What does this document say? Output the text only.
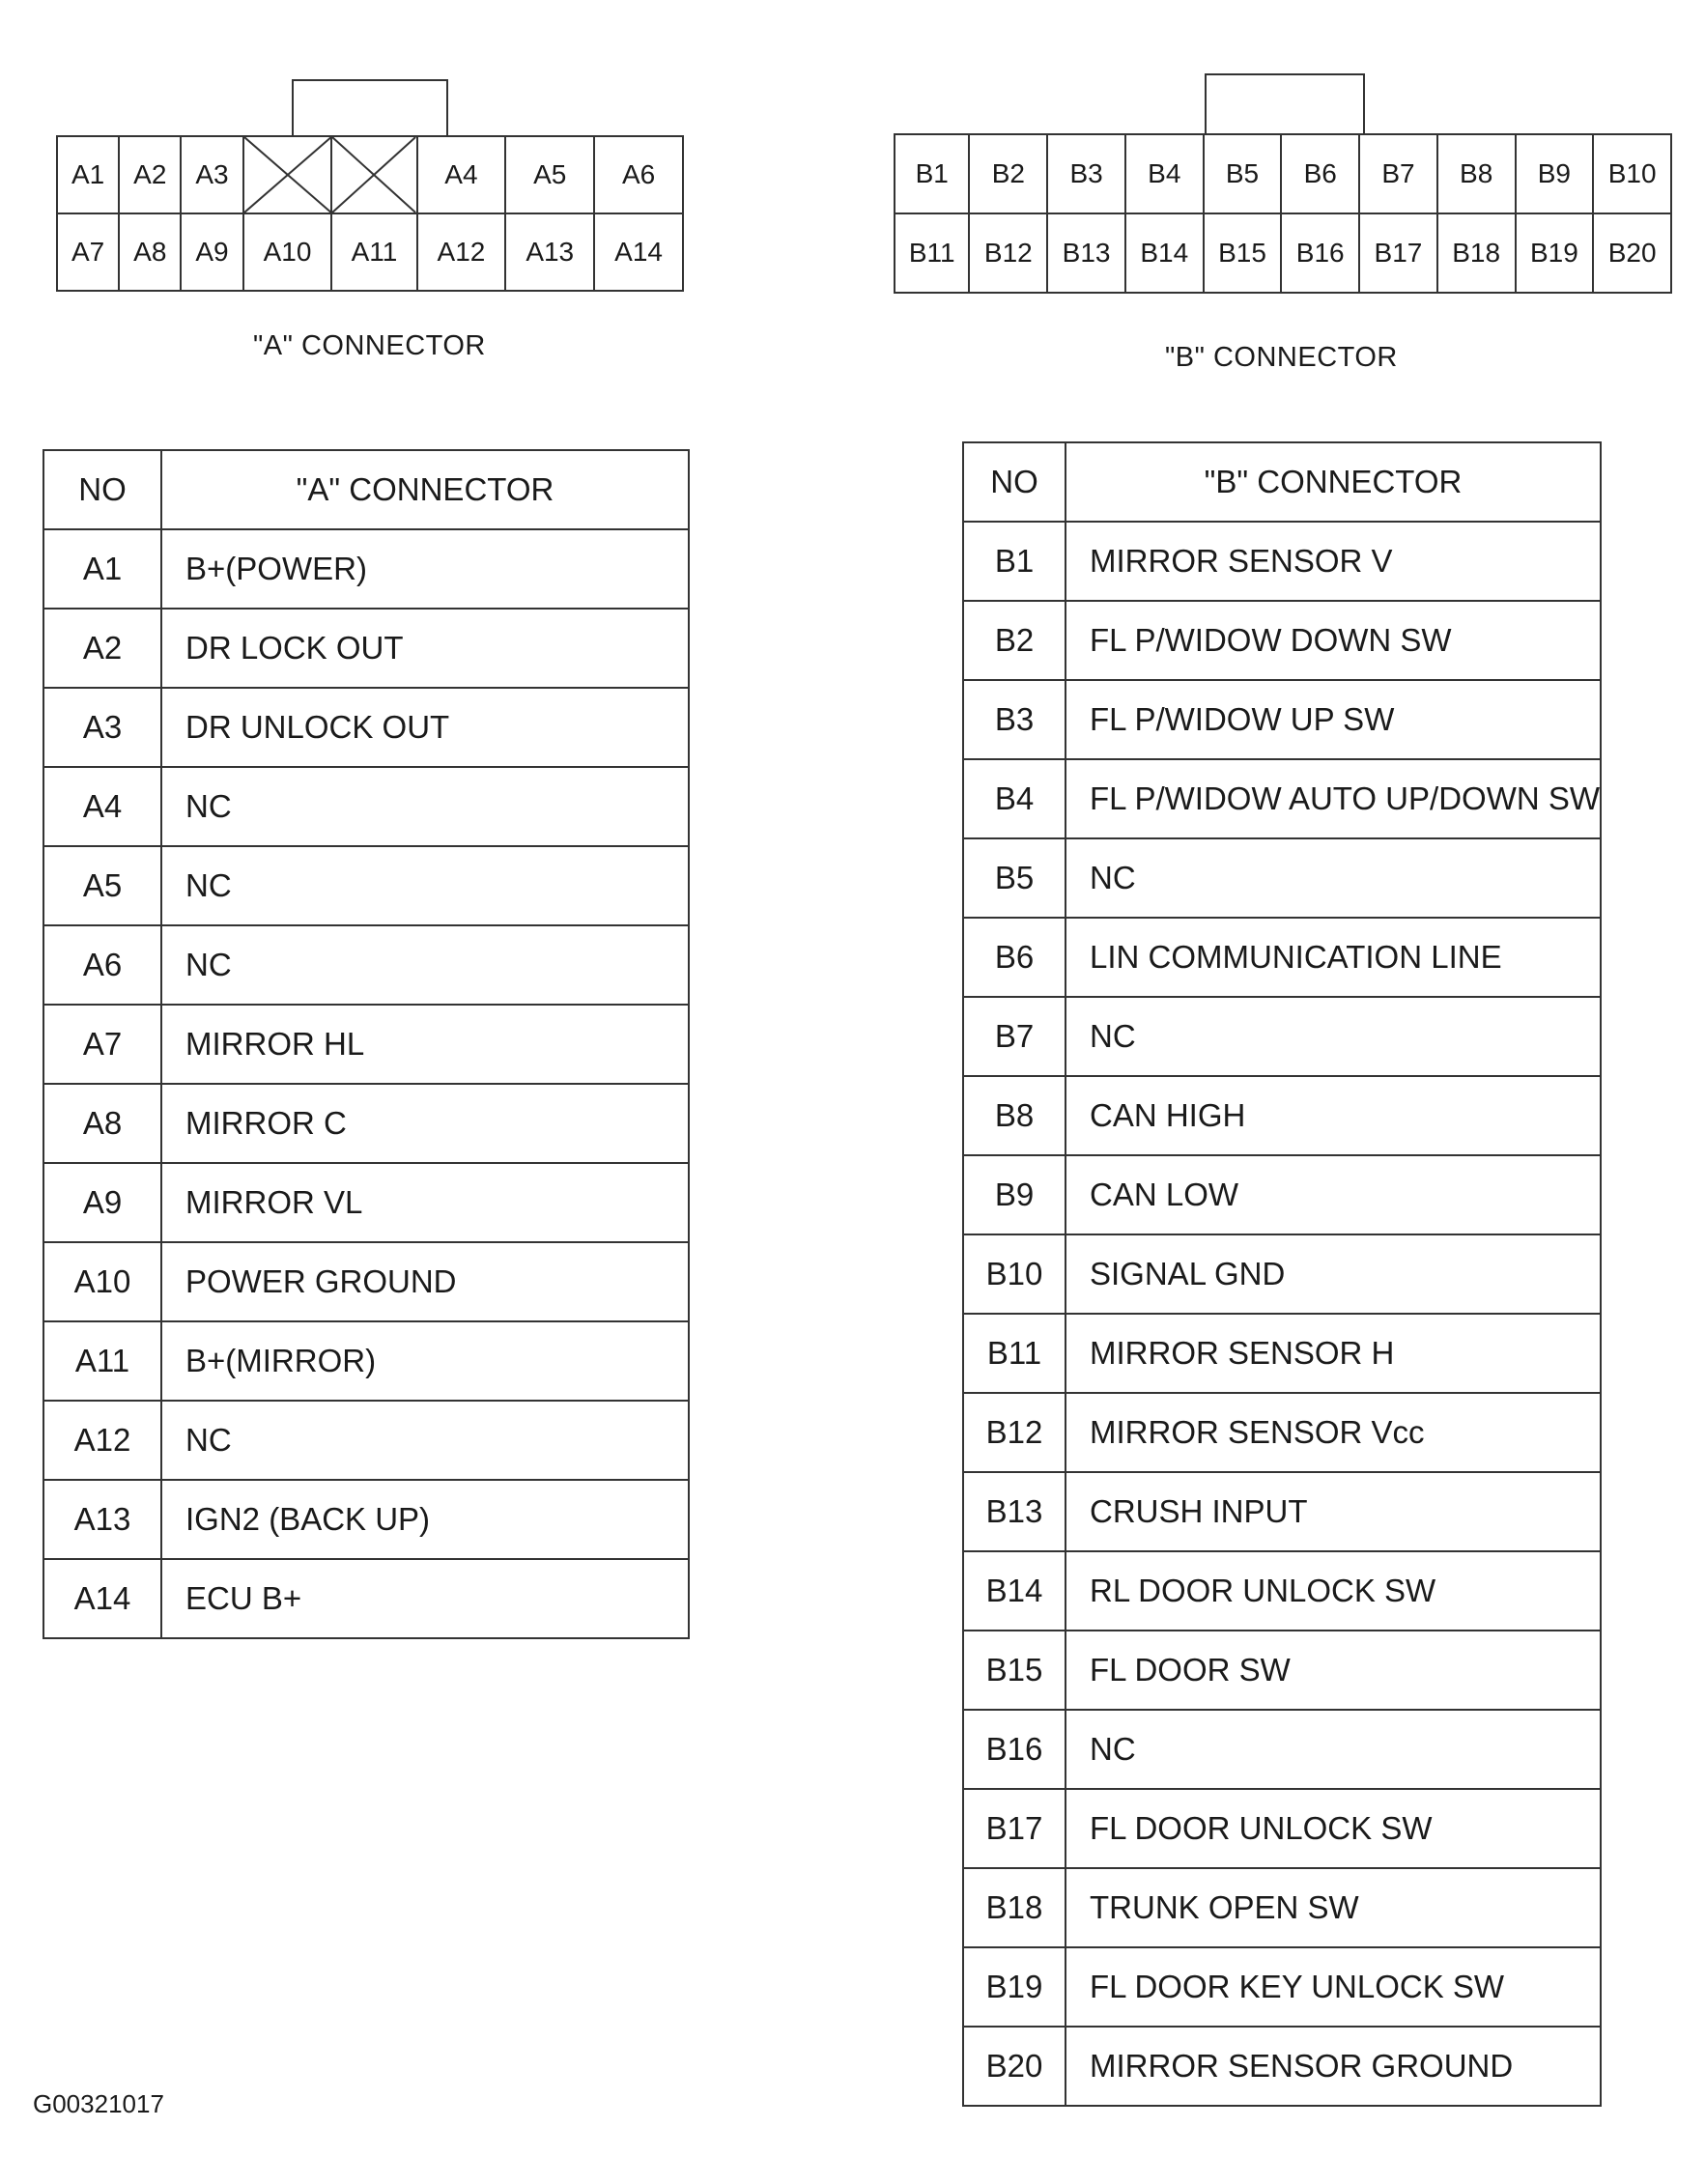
A1	A2	A3			A4	A5	A6
A7	A8	A9	A10	A11	A12	A13	A14
"A" CONNECTOR
B1	B2	B3	B4	B5	B6	B7	B8	B9	B10
B11	B12	B13	B14	B15	B16	B17	B18	B19	B20
"B" CONNECTOR
NO	"A" CONNECTOR
A1	B+(POWER)
A2	DR LOCK OUT
A3	DR UNLOCK OUT
A4	NC
A5	NC
A6	NC
A7	MIRROR HL
A8	MIRROR C
A9	MIRROR VL
A10	POWER GROUND
A11	B+(MIRROR)
A12	NC
A13	IGN2 (BACK UP)
A14	ECU B+
NO	"B" CONNECTOR
B1	MIRROR SENSOR V
B2	FL P/WIDOW DOWN SW
B3	FL P/WIDOW UP SW
B4	FL P/WIDOW AUTO UP/DOWN SW
B5	NC
B6	LIN COMMUNICATION LINE
B7	NC
B8	CAN HIGH
B9	CAN LOW
B10	SIGNAL GND
B11	MIRROR SENSOR H
B12	MIRROR SENSOR Vcc
B13	CRUSH INPUT
B14	RL DOOR UNLOCK SW
B15	FL DOOR SW
B16	NC
B17	FL DOOR UNLOCK SW
B18	TRUNK OPEN SW
B19	FL DOOR KEY UNLOCK SW
B20	MIRROR SENSOR GROUND
G00321017
